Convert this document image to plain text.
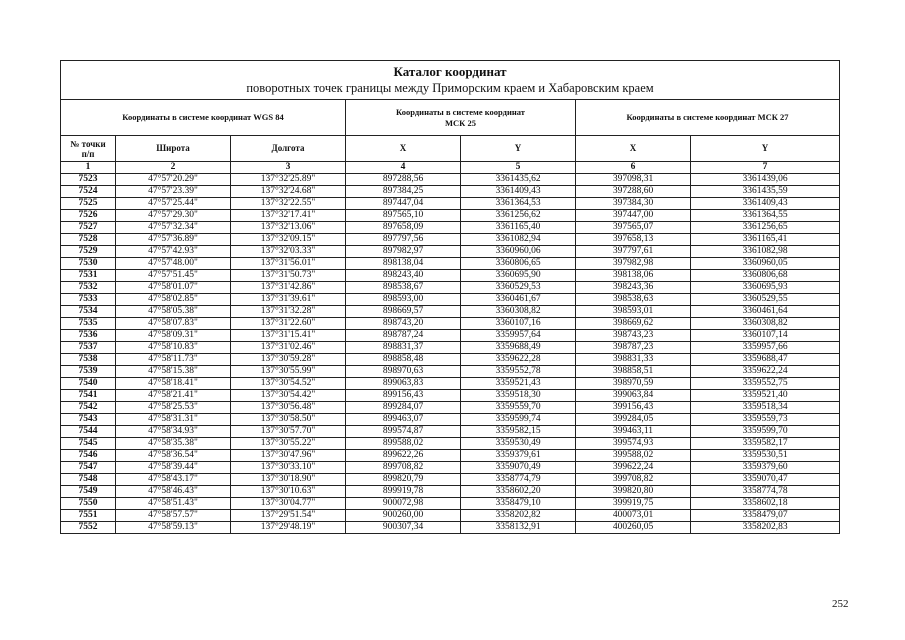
Каталог координат
поворотных точек границы между Приморским краем и Хабаровским краем						

Координаты в системе координат WGS 84			Координаты в системе координат МСК 25		Координаты в системе координат МСК 27	
№ точки п/п	Широта	Долгота	X	Y	X	Y
1	2	3	4	5	6	7
7523	47°57'20.29"	137°32'25.89"	897288,56	3361435,62	397098,31	3361439,06
7524	47°57'23.39"	137°32'24.68"	897384,25	3361409,43	397288,60	3361435,59
7525	47°57'25.44"	137°32'22.55"	897447,04	3361364,53	397384,30	3361409,43
7526	47°57'29.30"	137°32'17.41"	897565,10	3361256,62	397447,00	3361364,55
7527	47°57'32.34"	137°32'13.06"	897658,09	3361165,40	397565,07	3361256,65
7528	47°57'36.89"	137°32'09.15"	897797,56	3361082,94	397658,13	3361165,41
7529	47°57'42.93"	137°32'03.33"	897982,97	3360960,06	397797,61	3361082,98
7530	47°57'48.00"	137°31'56.01"	898138,04	3360806,65	397982,98	3360960,05
7531	47°57'51.45"	137°31'50.73"	898243,40	3360695,90	398138,06	3360806,68
7532	47°58'01.07"	137°31'42.86"	898538,67	3360529,53	398243,36	3360695,93
7533	47°58'02.85"	137°31'39.61"	898593,00	3360461,67	398538,63	3360529,55
7534	47°58'05.38"	137°31'32.28"	898669,57	3360308,82	398593,01	3360461,64
7535	47°58'07.83"	137°31'22.60"	898743,20	3360107,16	398669,62	3360308,82
7536	47°58'09.31"	137°31'15.41"	898787,24	3359957,64	398743,23	3360107,14
7537	47°58'10.83"	137°31'02.46"	898831,37	3359688,49	398787,23	3359957,66
7538	47°58'11.73"	137°30'59.28"	898858,48	3359622,28	398831,33	3359688,47
7539	47°58'15.38"	137°30'55.99"	898970,63	3359552,78	398858,51	3359622,24
7540	47°58'18.41"	137°30'54.52"	899063,83	3359521,43	398970,59	3359552,75
7541	47°58'21.41"	137°30'54.42"	899156,43	3359518,30	399063,84	3359521,40
7542	47°58'25.53"	137°30'56.48"	899284,07	3359559,70	399156,43	3359518,34
7543	47°58'31.31"	137°30'58.50"	899463,07	3359599,74	399284,05	3359559,73
7544	47°58'34.93"	137°30'57.70"	899574,87	3359582,15	399463,11	3359599,70
7545	47°58'35.38"	137°30'55.22"	899588,02	3359530,49	399574,93	3359582,17
7546	47°58'36.54"	137°30'47.96"	899622,26	3359379,61	399588,02	3359530,51
7547	47°58'39.44"	137°30'33.10"	899708,82	3359070,49	399622,24	3359379,60
7548	47°58'43.17"	137°30'18.90"	899820,79	3358774,79	399708,82	3359070,47
7549	47°58'46.43"	137°30'10.63"	899919,78	3358602,20	399820,80	3358774,78
7550	47°58'51.43"	137°30'04.77"	900072,98	3358479,10	399919,75	3358602,18
7551	47°58'57.57"	137°29'51.54"	900260,00	3358202,82	400073,01	3358479,07
7552	47°58'59.13"	137°29'48.19"	900307,34	3358132,91	400260,05	3358202,83
252
